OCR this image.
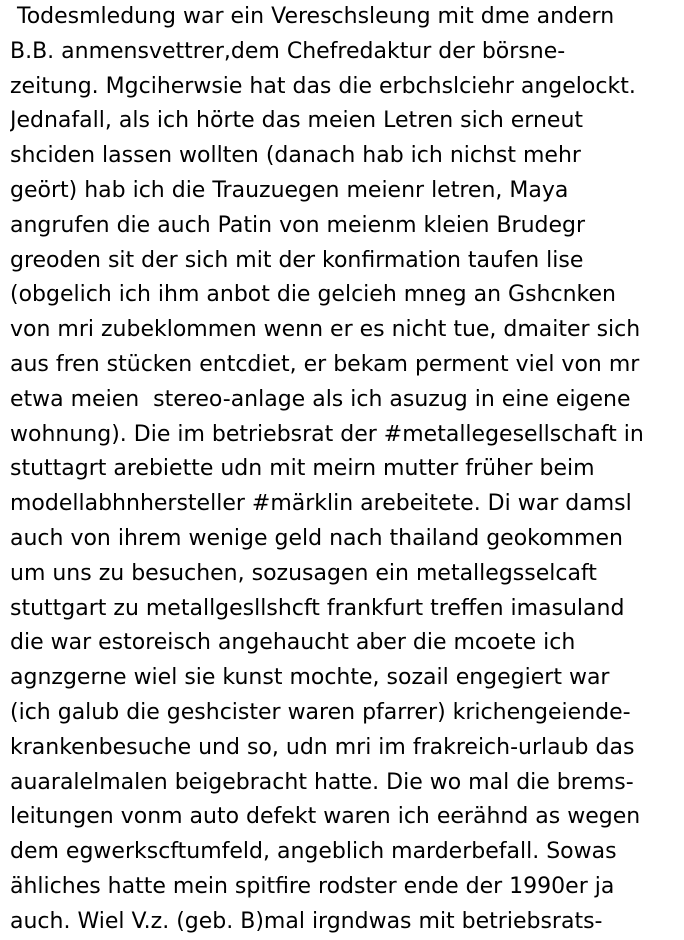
Todesmledung war ein Vereschsleung mit dme andern
B.B. anmensvettrer,dem Chefredaktur der börsne-
zeitung. Mgciherwsie hat das die erbchslciehr angelockt.
Jednafall, als ich hörte das meien Letren sich erneut
shciden lassen wollten (danach hab ich nichst mehr
geört) hab ich die Trauzuegen meienr letren, Maya
angrufen die auch Patin von meienm kleien Brudegr
greoden sit der sich mit der konfirmation taufen lise
(obgelich ich ihm anbot die gelcieh mneg an Gshcnken
von mri zubeklommen wenn er es nicht tue, dmaiter sich
aus fren stücken entcdiet, er bekam perment viel von mr
etwa meien  stereo-anlage als ich asuzug in eine eigene
wohnung). Die im betriebsrat der #metallegesellschaft in
stuttagrt arebiette udn mit meirn mutter früher beim
modellabhnhersteller #märklin arebeitete. Di war damsl
auch von ihrem wenige geld nach thailand geokommen
um uns zu besuchen, sozusagen ein metallegsselcaft
stuttgart zu metallgesllshcft frankfurt treffen imasuland
die war estoreisch angehaucht aber die mcoete ich
agnzgerne wiel sie kunst mochte, sozail engegiert war
(ich galub die geshcister waren pfarrer) krichengeiende-
krankenbesuche und so, udn mri im frakreich-urlaub das
auaralelmalen beigebracht hatte. Die wo mal die brems-
leitungen vonm auto defekt waren ich eerähnd as wegen
dem egwerkscftumfeld, angeblich marderbefall. Sowas
ähliches hatte mein spitfire rodster ende der 1990er ja
auch. Wiel V.z. (geb. B)mal irgndwas mit betriebsrats-
